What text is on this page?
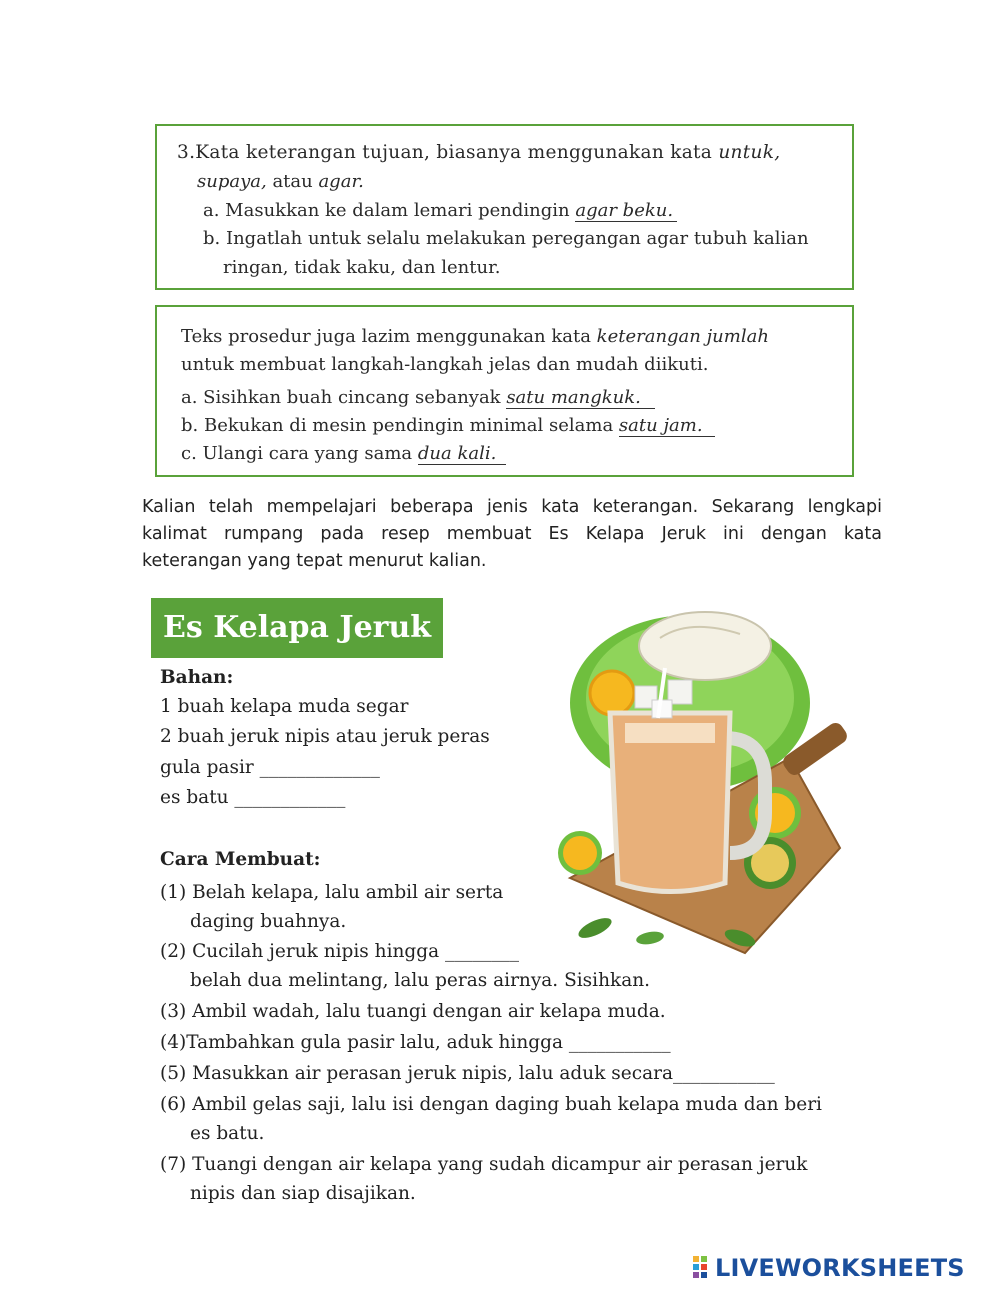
3.Kata keterangan tujuan, biasanya menggunakan kata untuk,
supaya, atau agar.
a. Masukkan ke dalam lemari pendingin agar beku.
b. Ingatlah untuk selalu melakukan peregangan agar tubuh kalian
ringan, tidak kaku, dan lentur.
Teks prosedur juga lazim menggunakan kata keterangan jumlah
untuk membuat langkah-langkah jelas dan mudah diikuti.
a. Sisihkan buah cincang sebanyak satu mangkuk.
b. Bekukan di mesin pendingin minimal selama satu jam.
c. Ulangi cara yang sama dua kali.
Kalian telah mempelajari beberapa jenis kata keterangan. Sekarang lengkapi
kalimat rumpang pada resep membuat Es Kelapa Jeruk ini dengan kata
keterangan yang tepat menurut kalian.
Es Kelapa Jeruk
Bahan:
1 buah kelapa muda segar
2 buah jeruk nipis atau jeruk peras
gula pasir _____________
es batu ____________
Cara Membuat:
(1) Belah kelapa, lalu ambil air serta
daging buahnya.
(2) Cucilah jeruk nipis hingga ________
belah dua melintang, lalu peras airnya. Sisihkan.
(3) Ambil wadah, lalu tuangi dengan air kelapa muda.
(4)Tambahkan gula pasir lalu, aduk hingga ___________
(5) Masukkan air perasan jeruk nipis, lalu aduk secara___________
(6) Ambil gelas saji, lalu isi dengan daging buah kelapa muda dan beri
es batu.
(7) Tuangi dengan air kelapa yang sudah dicampur air perasan jeruk
nipis dan siap disajikan.
LIVEWORKSHEETS
